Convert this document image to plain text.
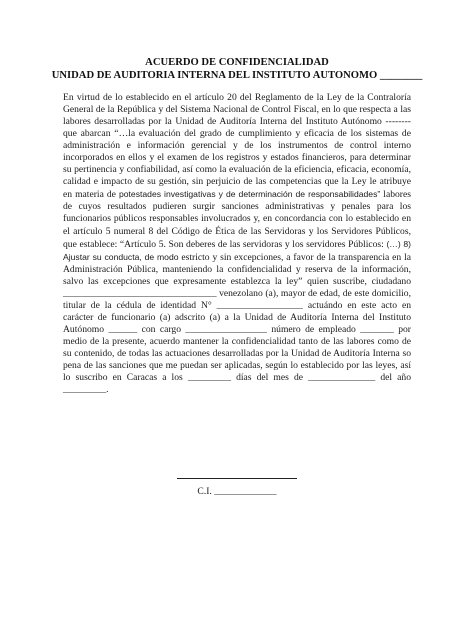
ACUERDO DE CONFIDENCIALIDAD
UNIDAD DE AUDITORIA INTERNA DEL INSTITUTO AUTONOMO ________

En virtud de lo establecido en el artículo 20 del Reglamento de la Ley de la Contraloría General de la República y del Sistema Nacional de Control Fiscal, en lo que respecta a las labores desarrolladas por la Unidad de Auditoría Interna del Instituto Autónomo -------- que abarcan “…la evaluación del grado de cumplimiento y eficacia de los sistemas de administración e información gerencial y de los instrumentos de control interno incorporados en ellos y el examen de los registros y estados financieros, para determinar su pertinencia y confiabilidad, así como la evaluación de la eficiencia, eficacia, economía, calidad e impacto de su gestión, sin perjuicio de las competencias que la Ley le atribuye en materia de potestades investigativas y de determinación de responsabilidades” labores de cuyos resultados pudieren surgir sanciones administrativas y penales para los funcionarios públicos responsables involucrados y, en concordancia con lo establecido en el artículo 5 numeral 8 del Código de Ética de las Servidoras y los Servidores Públicos, que establece: “Artículo 5. Son deberes de las servidoras y los servidores Públicos: (…) 8) Ajustar su conducta, de modo estricto y sin excepciones, a favor de la transparencia en la Administración Pública, manteniendo la confidencialidad y reserva de la información, salvo las excepciones que expresamente establezca la ley” quien suscribe, ciudadano ________________________________ venezolano (a), mayor de edad, de este domicilio, titular de la cédula de identidad N° __________________ actuándo en este acto en carácter de funcionario (a) adscrito (a) a la Unidad de Auditoría Interna del Instituto Autónomo ______ con cargo _________________ número de empleado _______ por medio de la presente, acuerdo mantener la confidencialidad tanto de las labores como de su contenido, de todas las actuaciones desarrolladas por la Unidad de Auditoría Interna so pena de las sanciones que me puedan ser aplicadas, según lo establecido por las leyes, así lo suscribo en Caracas a los _________ días del mes de ______________ del año _________.

C.I. _____________
